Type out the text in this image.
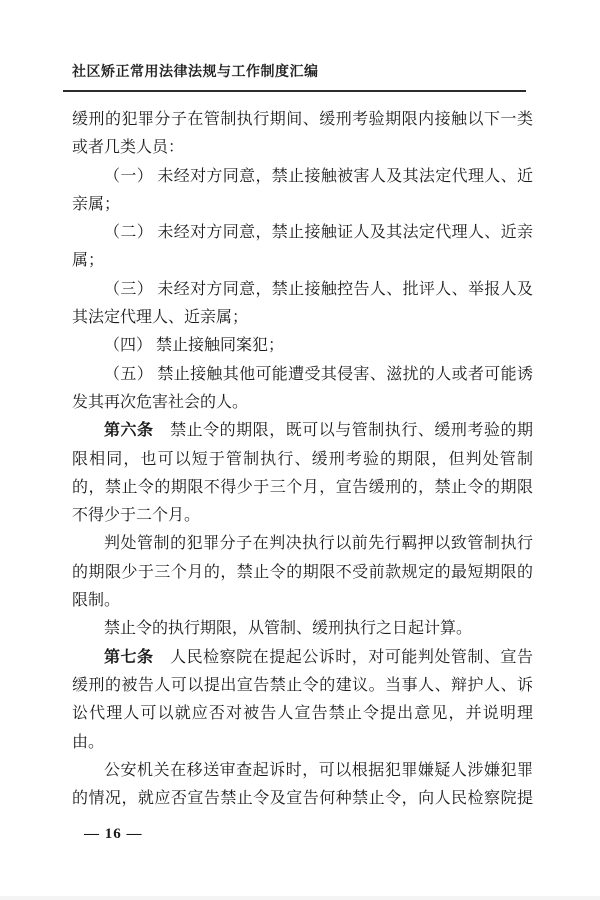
社区矫正常用法律法规与工作制度汇编
缓刑的犯罪分子在管制执行期间、缓刑考验期限内接触以下一类
或者几类人员：
（一） 未经对方同意，禁止接触被害人及其法定代理人、近
亲属；
（二） 未经对方同意，禁止接触证人及其法定代理人、近亲
属；
（三） 未经对方同意，禁止接触控告人、批评人、举报人及
其法定代理人、近亲属；
（四） 禁止接触同案犯；
（五） 禁止接触其他可能遭受其侵害、滋扰的人或者可能诱
发其再次危害社会的人。
第六条　禁止令的期限，既可以与管制执行、缓刑考验的期
限相同，也可以短于管制执行、缓刑考验的期限，但判处管制
的，禁止令的期限不得少于三个月，宣告缓刑的，禁止令的期限
不得少于二个月。
判处管制的犯罪分子在判决执行以前先行羁押以致管制执行
的期限少于三个月的，禁止令的期限不受前款规定的最短期限的
限制。
禁止令的执行期限，从管制、缓刑执行之日起计算。
第七条　人民检察院在提起公诉时，对可能判处管制、宣告
缓刑的被告人可以提出宣告禁止令的建议。当事人、辩护人、诉
讼代理人可以就应否对被告人宣告禁止令提出意见，并说明理
由。
公安机关在移送审查起诉时，可以根据犯罪嫌疑人涉嫌犯罪
的情况，就应否宣告禁止令及宣告何种禁止令，向人民检察院提
— 16 —
